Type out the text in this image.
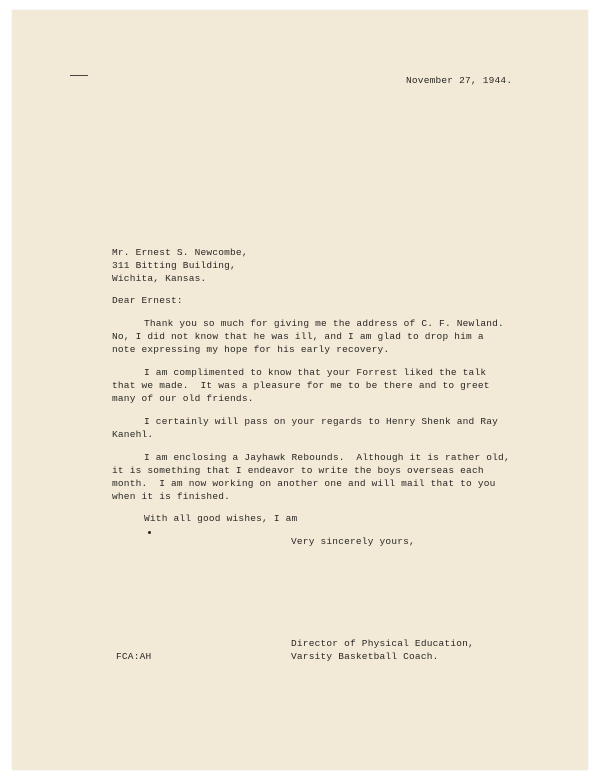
November 27, 1944.
Mr. Ernest S. Newcombe,
311 Bitting Building,
Wichita, Kansas.
Dear Ernest:
Thank you so much for giving me the address of C. F. Newland.
No, I did not know that he was ill, and I am glad to drop him a
note expressing my hope for his early recovery.
I am complimented to know that your Forrest liked the talk
that we made.  It was a pleasure for me to be there and to greet
many of our old friends.
I certainly will pass on your regards to Henry Shenk and Ray
Kanehl.
I am enclosing a Jayhawk Rebounds.  Although it is rather old,
it is something that I endeavor to write the boys overseas each
month.  I am now working on another one and will mail that to you
when it is finished.
With all good wishes, I am
Very sincerely yours,
Director of Physical Education,
Varsity Basketball Coach.
FCA:AH
